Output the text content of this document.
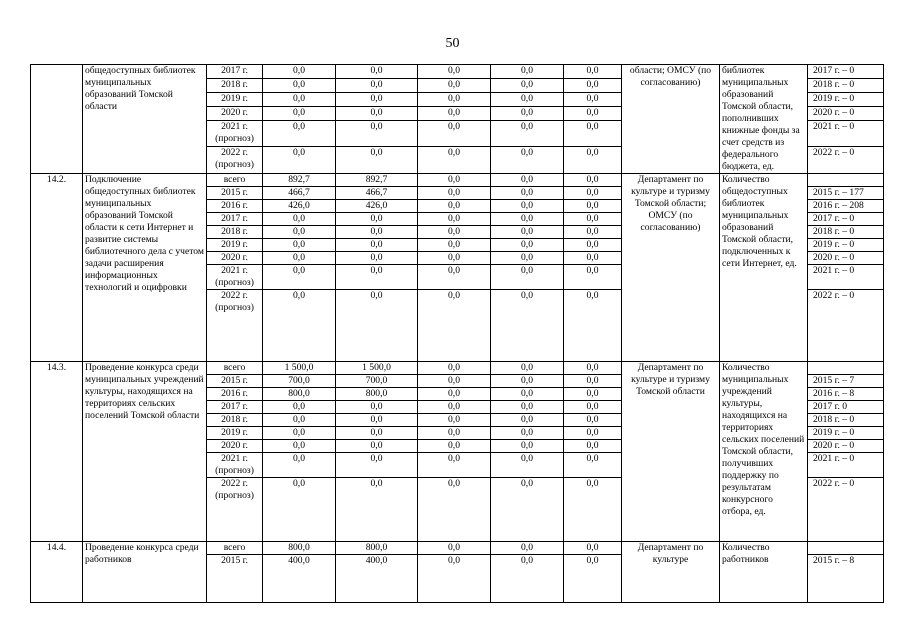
50
	общедоступных библиотек муниципальных образований Томской области	2017 г.	0,0	0,0	0,0	0,0	0,0	области; ОМСУ (по согласованию)	библиотек муниципальных образований Томской области, пополнивших книжные фонды за счет средств из федерального бюджета, ед.	2017 г. – 0
		2018 г.	0,0	0,0	0,0	0,0	0,0			2018 г. – 0
		2019 г.	0,0	0,0	0,0	0,0	0,0			2019 г. – 0
		2020 г.	0,0	0,0	0,0	0,0	0,0			2020 г. – 0
		2021 г. (прогноз)	0,0	0,0	0,0	0,0	0,0			2021 г. – 0
		2022 г. (прогноз)	0,0	0,0	0,0	0,0	0,0			2022 г. – 0
14.2.	Подключение общедоступных библиотек муниципальных образований Томской области к сети Интернет и развитие системы библиотечного дела с учетом задачи расширения информационных технологий и оцифровки	всего	892,7	892,7	0,0	0,0	0,0	Департамент по культуре и туризму Томской области; ОМСУ (по согласованию)	Количество общедоступных библиотек муниципальных образований Томской области, подключенных к сети Интернет, ед.	
		2015 г.	466,7	466,7	0,0	0,0	0,0			2015 г. – 177
		2016 г.	426,0	426,0	0,0	0,0	0,0			2016 г. – 208
		2017 г.	0,0	0,0	0,0	0,0	0,0			2017 г. – 0
		2018 г.	0,0	0,0	0,0	0,0	0,0			2018 г. – 0
		2019 г.	0,0	0,0	0,0	0,0	0,0			2019 г. – 0
		2020 г.	0,0	0,0	0,0	0,0	0,0			2020 г. – 0
		2021 г. (прогноз)	0,0	0,0	0,0	0,0	0,0			2021 г. – 0
		2022 г. (прогноз)	0,0	0,0	0,0	0,0	0,0			2022 г. – 0
14.3.	Проведение конкурса среди муниципальных учреждений культуры, находящихся на территориях сельских поселений Томской области	всего	1 500,0	1 500,0	0,0	0,0	0,0	Департамент по культуре и туризму Томской области	Количество муниципальных учреждений культуры, находящихся на территориях сельских поселений Томской области, получивших поддержку по результатам конкурсного отбора, ед.	
		2015 г.	700,0	700,0	0,0	0,0	0,0			2015 г. – 7
		2016 г.	800,0	800,0	0,0	0,0	0,0			2016 г. – 8
		2017 г.	0,0	0,0	0,0	0,0	0,0			2017 г. 0
		2018 г.	0,0	0,0	0,0	0,0	0,0			2018 г. – 0
		2019 г.	0,0	0,0	0,0	0,0	0,0			2019 г. – 0
		2020 г.	0,0	0,0	0,0	0,0	0,0			2020 г. – 0
		2021 г. (прогноз)	0,0	0,0	0,0	0,0	0,0			2021 г. – 0
		2022 г. (прогноз)	0,0	0,0	0,0	0,0	0,0			2022 г. – 0
14.4.	Проведение конкурса среди работников	всего	800,0	800,0	0,0	0,0	0,0	Департамент по культуре	Количество работников	
		2015 г.	400,0	400,0	0,0	0,0	0,0			2015 г. – 8
